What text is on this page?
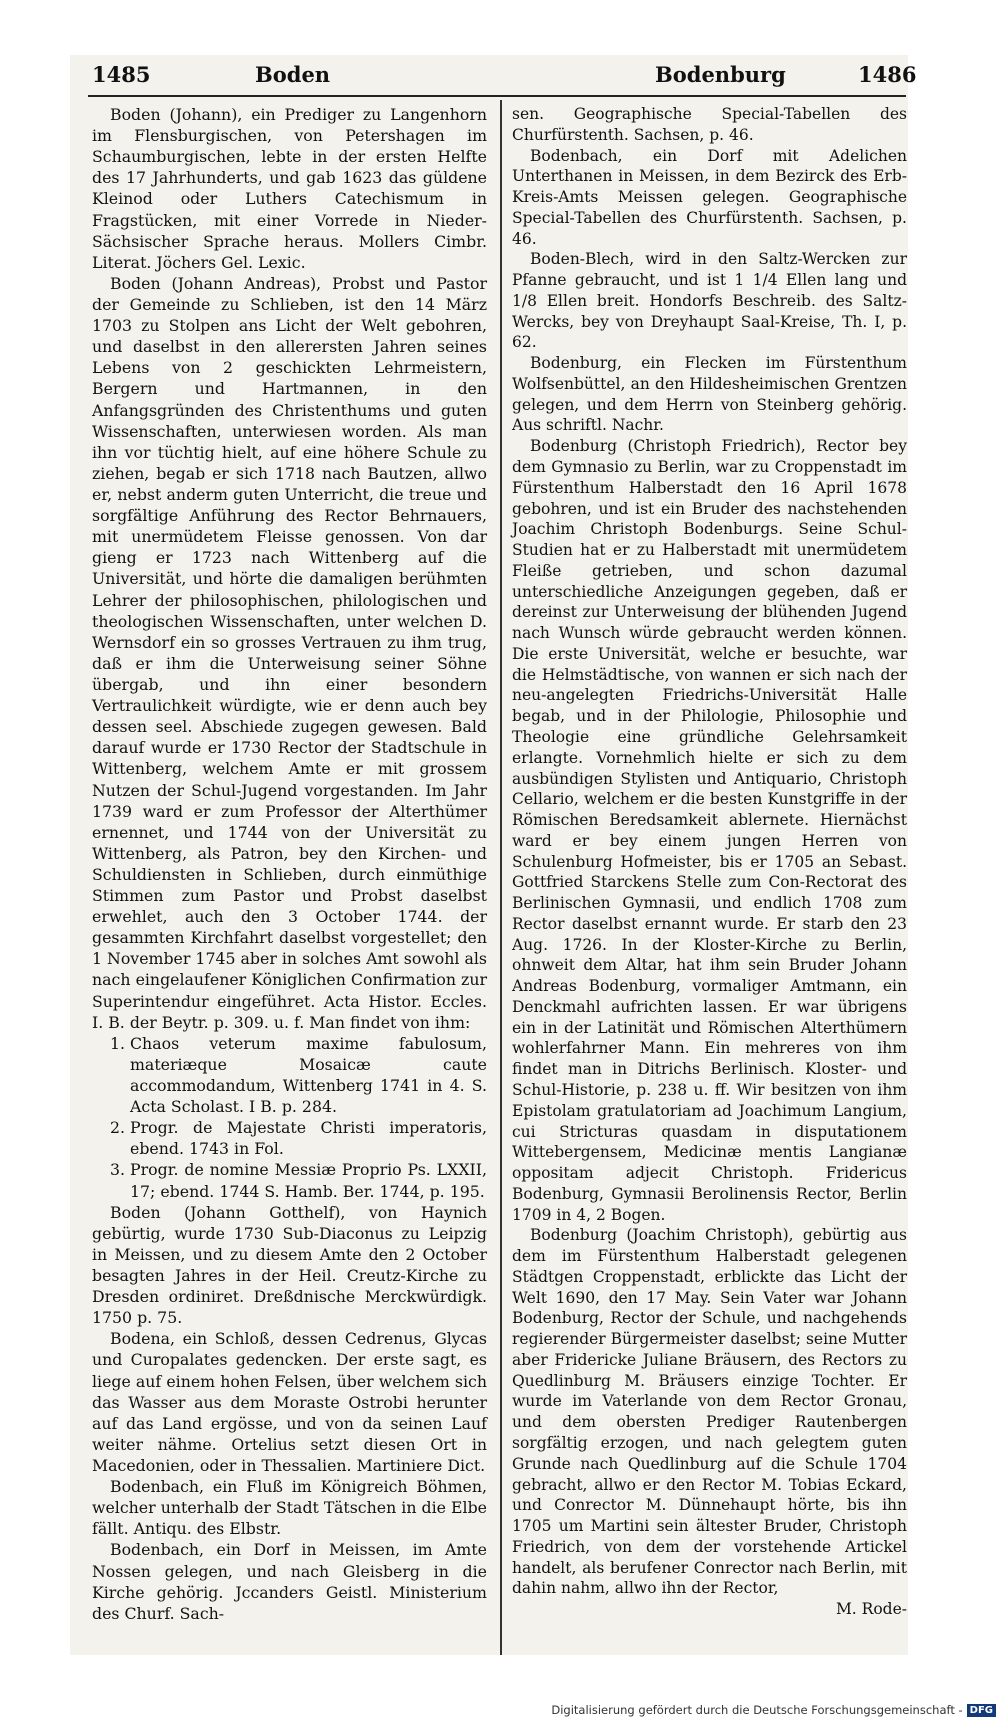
1485	Boden	Bodenburg	1486

Boden (Johann), ein Prediger zu Langenhorn im Flensburgischen, von Petershagen im Schaumburgischen, lebte in der ersten Helfte des 17 Jahrhunderts, und gab 1623 das güldene Kleinod oder Luthers Catechismum in Fragstücken, mit einer Vorrede in Nieder-Sächsischer Sprache heraus. Mollers Cimbr. Literat. Jöchers Gel. Lexic.

Boden (Johann Andreas), Probst und Pastor der Gemeinde zu Schlieben, ist den 14 März 1703 zu Stolpen ans Licht der Welt gebohren, und daselbst in den allerersten Jahren seines Lebens von 2 geschickten Lehrmeistern, Bergern und Hartmannen, in den Anfangsgründen des Christenthums und guten Wissenschaften, unterwiesen worden. Als man ihn vor tüchtig hielt, auf eine höhere Schule zu ziehen, begab er sich 1718 nach Bautzen, allwo er, nebst anderm guten Unterricht, die treue und sorgfältige Anführung des Rector Behrnauers, mit unermüdetem Fleisse genossen. Von dar gieng er 1723 nach Wittenberg auf die Universität, und hörte die damaligen berühmten Lehrer der philosophischen, philologischen und theologischen Wissenschaften, unter welchen D. Wernsdorf ein so grosses Vertrauen zu ihm trug, daß er ihm die Unterweisung seiner Söhne übergab, und ihn einer besondern Vertraulichkeit würdigte, wie er denn auch bey dessen seel. Abschiede zugegen gewesen. Bald darauf wurde er 1730 Rector der Stadtschule in Wittenberg, welchem Amte er mit grossem Nutzen der Schul-Jugend vorgestanden. Im Jahr 1739 ward er zum Professor der Alterthümer ernennet, und 1744 von der Universität zu Wittenberg, als Patron, bey den Kirchen- und Schuldiensten in Schlieben, durch einmüthige Stimmen zum Pastor und Probst daselbst erwehlet, auch den 3 October 1744. der gesammten Kirchfahrt daselbst vorgestellet; den 1 November 1745 aber in solches Amt sowohl als nach eingelaufener Königlichen Confirmation zur Superintendur eingeführet. Acta Histor. Eccles. I. B. der Beytr. p. 309. u. f. Man findet von ihm:

1. Chaos veterum maxime fabulosum, materiæque Mosaicæ caute accommodandum, Wittenberg 1741 in 4. S. Acta Scholast. I B. p. 284.
2. Progr. de Majestate Christi imperatoris, ebend. 1743 in Fol.
3. Progr. de nomine Messiæ Proprio Ps. LXXII, 17; ebend. 1744 S. Hamb. Ber. 1744, p. 195.

Boden (Johann Gotthelf), von Haynich gebürtig, wurde 1730 Sub-Diaconus zu Leipzig in Meissen, und zu diesem Amte den 2 October besagten Jahres in der Heil. Creutz-Kirche zu Dresden ordiniret. Dreßdnische Merckwürdigk. 1750 p. 75.

Bodena, ein Schloß, dessen Cedrenus, Glycas und Curopalates gedencken. Der erste sagt, es liege auf einem hohen Felsen, über welchem sich das Wasser aus dem Moraste Ostrobi herunter auf das Land ergösse, und von da seinen Lauf weiter nähme. Ortelius setzt diesen Ort in Macedonien, oder in Thessalien. Martiniere Dict.

Bodenbach, ein Fluß im Königreich Böhmen, welcher unterhalb der Stadt Tätschen in die Elbe fällt. Antiqu. des Elbstr.

Bodenbach, ein Dorf in Meissen, im Amte Nossen gelegen, und nach Gleisberg in die Kirche gehörig. Jccanders Geistl. Ministerium des Churf. Sach-

sen. Geographische Special-Tabellen des Churfürstenth. Sachsen, p. 46.

Bodenbach, ein Dorf mit Adelichen Unterthanen in Meissen, in dem Bezirck des Erb-Kreis-Amts Meissen gelegen. Geographische Special-Tabellen des Churfürstenth. Sachsen, p. 46.

Boden-Blech, wird in den Saltz-Wercken zur Pfanne gebraucht, und ist 1 1/4 Ellen lang und 1/8 Ellen breit. Hondorfs Beschreib. des Saltz-Wercks, bey von Dreyhaupt Saal-Kreise, Th. I, p. 62.

Bodenburg, ein Flecken im Fürstenthum Wolfsenbüttel, an den Hildesheimischen Grentzen gelegen, und dem Herrn von Steinberg gehörig. Aus schriftl. Nachr.

Bodenburg (Christoph Friedrich), Rector bey dem Gymnasio zu Berlin, war zu Croppenstadt im Fürstenthum Halberstadt den 16 April 1678 gebohren, und ist ein Bruder des nachstehenden Joachim Christoph Bodenburgs. Seine Schul-Studien hat er zu Halberstadt mit unermüdetem Fleiße getrieben, und schon dazumal unterschiedliche Anzeigungen gegeben, daß er dereinst zur Unterweisung der blühenden Jugend nach Wunsch würde gebraucht werden können. Die erste Universität, welche er besuchte, war die Helmstädtische, von wannen er sich nach der neu-angelegten Friedrichs-Universität Halle begab, und in der Philologie, Philosophie und Theologie eine gründliche Gelehrsamkeit erlangte. Vornehmlich hielte er sich zu dem ausbündigen Stylisten und Antiquario, Christoph Cellario, welchem er die besten Kunstgriffe in der Römischen Beredsamkeit ablernete. Hiernächst ward er bey einem jungen Herren von Schulenburg Hofmeister, bis er 1705 an Sebast. Gottfried Starckens Stelle zum Con-Rectorat des Berlinischen Gymnasii, und endlich 1708 zum Rector daselbst ernannt wurde. Er starb den 23 Aug. 1726. In der Kloster-Kirche zu Berlin, ohnweit dem Altar, hat ihm sein Bruder Johann Andreas Bodenburg, vormaliger Amtmann, ein Denckmahl aufrichten lassen. Er war übrigens ein in der Latinität und Römischen Alterthümern wohlerfahrner Mann. Ein mehreres von ihm findet man in Ditrichs Berlinisch. Kloster- und Schul-Historie, p. 238 u. ff. Wir besitzen von ihm Epistolam gratulatoriam ad Joachimum Langium, cui Stricturas quasdam in disputationem Wittebergensem, Medicinæ mentis Langianæ oppositam adjecit Christoph. Fridericus Bodenburg, Gymnasii Berolinensis Rector, Berlin 1709 in 4, 2 Bogen.

Bodenburg (Joachim Christoph), gebürtig aus dem im Fürstenthum Halberstadt gelegenen Städtgen Croppenstadt, erblickte das Licht der Welt 1690, den 17 May. Sein Vater war Johann Bodenburg, Rector der Schule, und nachgehends regierender Bürgermeister daselbst; seine Mutter aber Fridericke Juliane Bräusern, des Rectors zu Quedlinburg M. Bräusers einzige Tochter. Er wurde im Vaterlande von dem Rector Gronau, und dem obersten Prediger Rautenbergen sorgfältig erzogen, und nach gelegtem guten Grunde nach Quedlinburg auf die Schule 1704 gebracht, allwo er den Rector M. Tobias Eckard, und Conrector M. Dünnehaupt hörte, bis ihn 1705 um Martini sein ältester Bruder, Christoph Friedrich, von dem der vorstehende Artickel handelt, als berufener Conrector nach Berlin, mit dahin nahm, allwo ihn der Rector,

M. Rode-

Digitalisierung gefördert durch die Deutsche Forschungsgemeinschaft - DFG
